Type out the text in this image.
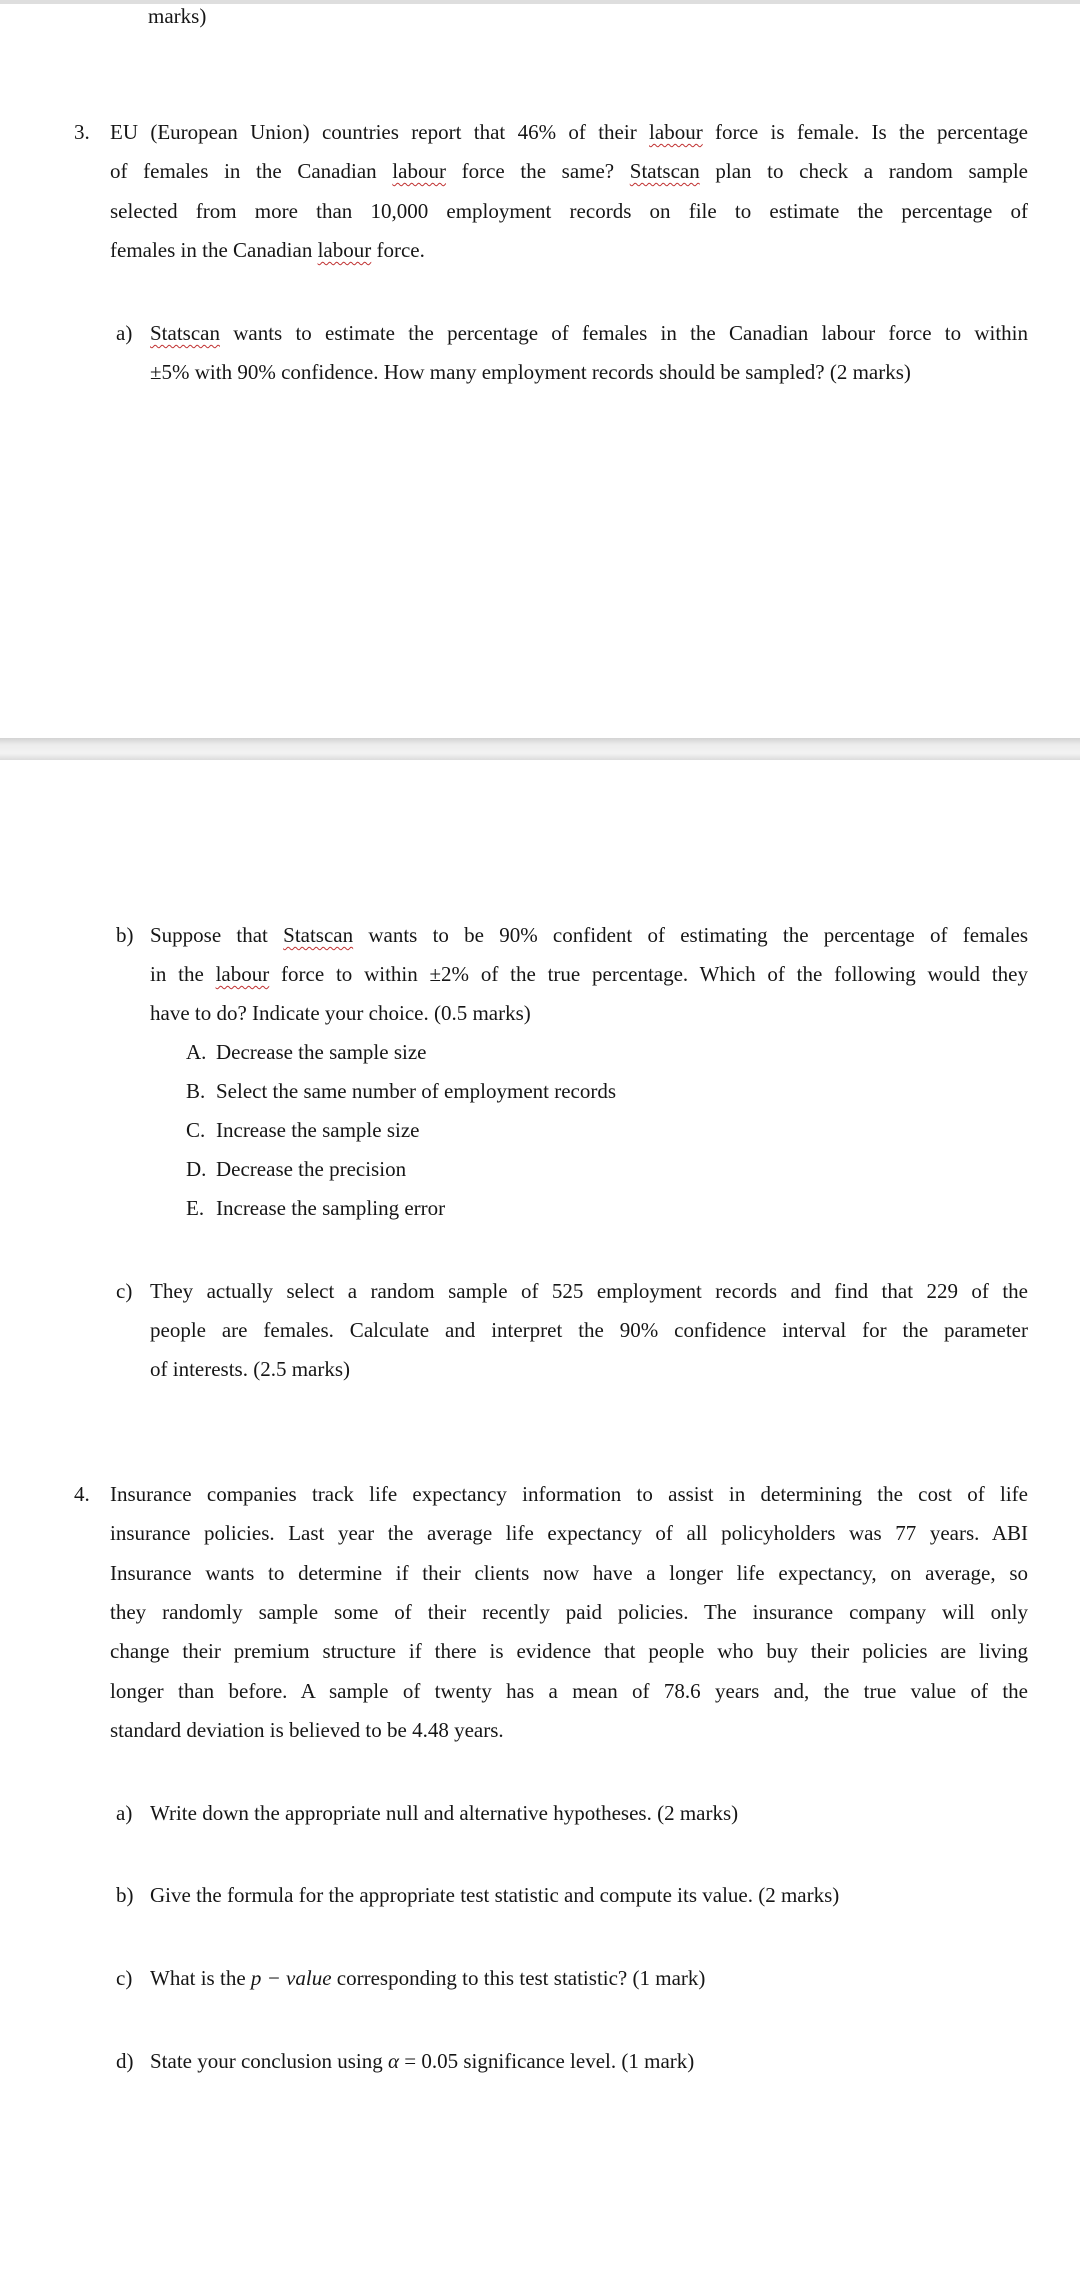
marks)
3. EU (European Union) countries report that 46% of their labour force is female. Is the percentage
of females in the Canadian labour force the same? Statscan plan to check a random sample
selected from more than 10,000 employment records on file to estimate the percentage of
females in the Canadian labour force.
a) Statscan wants to estimate the percentage of females in the Canadian labour force to within
±5% with 90% confidence. How many employment records should be sampled? (2 marks)
b) Suppose that Statscan wants to be 90% confident of estimating the percentage of females
in the labour force to within ±2% of the true percentage. Which of the following would they
have to do? Indicate your choice. (0.5 marks)
A. Decrease the sample size
B. Select the same number of employment records
C. Increase the sample size
D. Decrease the precision
E. Increase the sampling error
c) They actually select a random sample of 525 employment records and find that 229 of the
people are females. Calculate and interpret the 90% confidence interval for the parameter
of interests. (2.5 marks)
4. Insurance companies track life expectancy information to assist in determining the cost of life
insurance policies. Last year the average life expectancy of all policyholders was 77 years. ABI
Insurance wants to determine if their clients now have a longer life expectancy, on average, so
they randomly sample some of their recently paid policies. The insurance company will only
change their premium structure if there is evidence that people who buy their policies are living
longer than before. A sample of twenty has a mean of 78.6 years and, the true value of the
standard deviation is believed to be 4.48 years.
a) Write down the appropriate null and alternative hypotheses. (2 marks)
b) Give the formula for the appropriate test statistic and compute its value. (2 marks)
c) What is the p − value corresponding to this test statistic? (1 mark)
d) State your conclusion using α = 0.05 significance level. (1 mark)
